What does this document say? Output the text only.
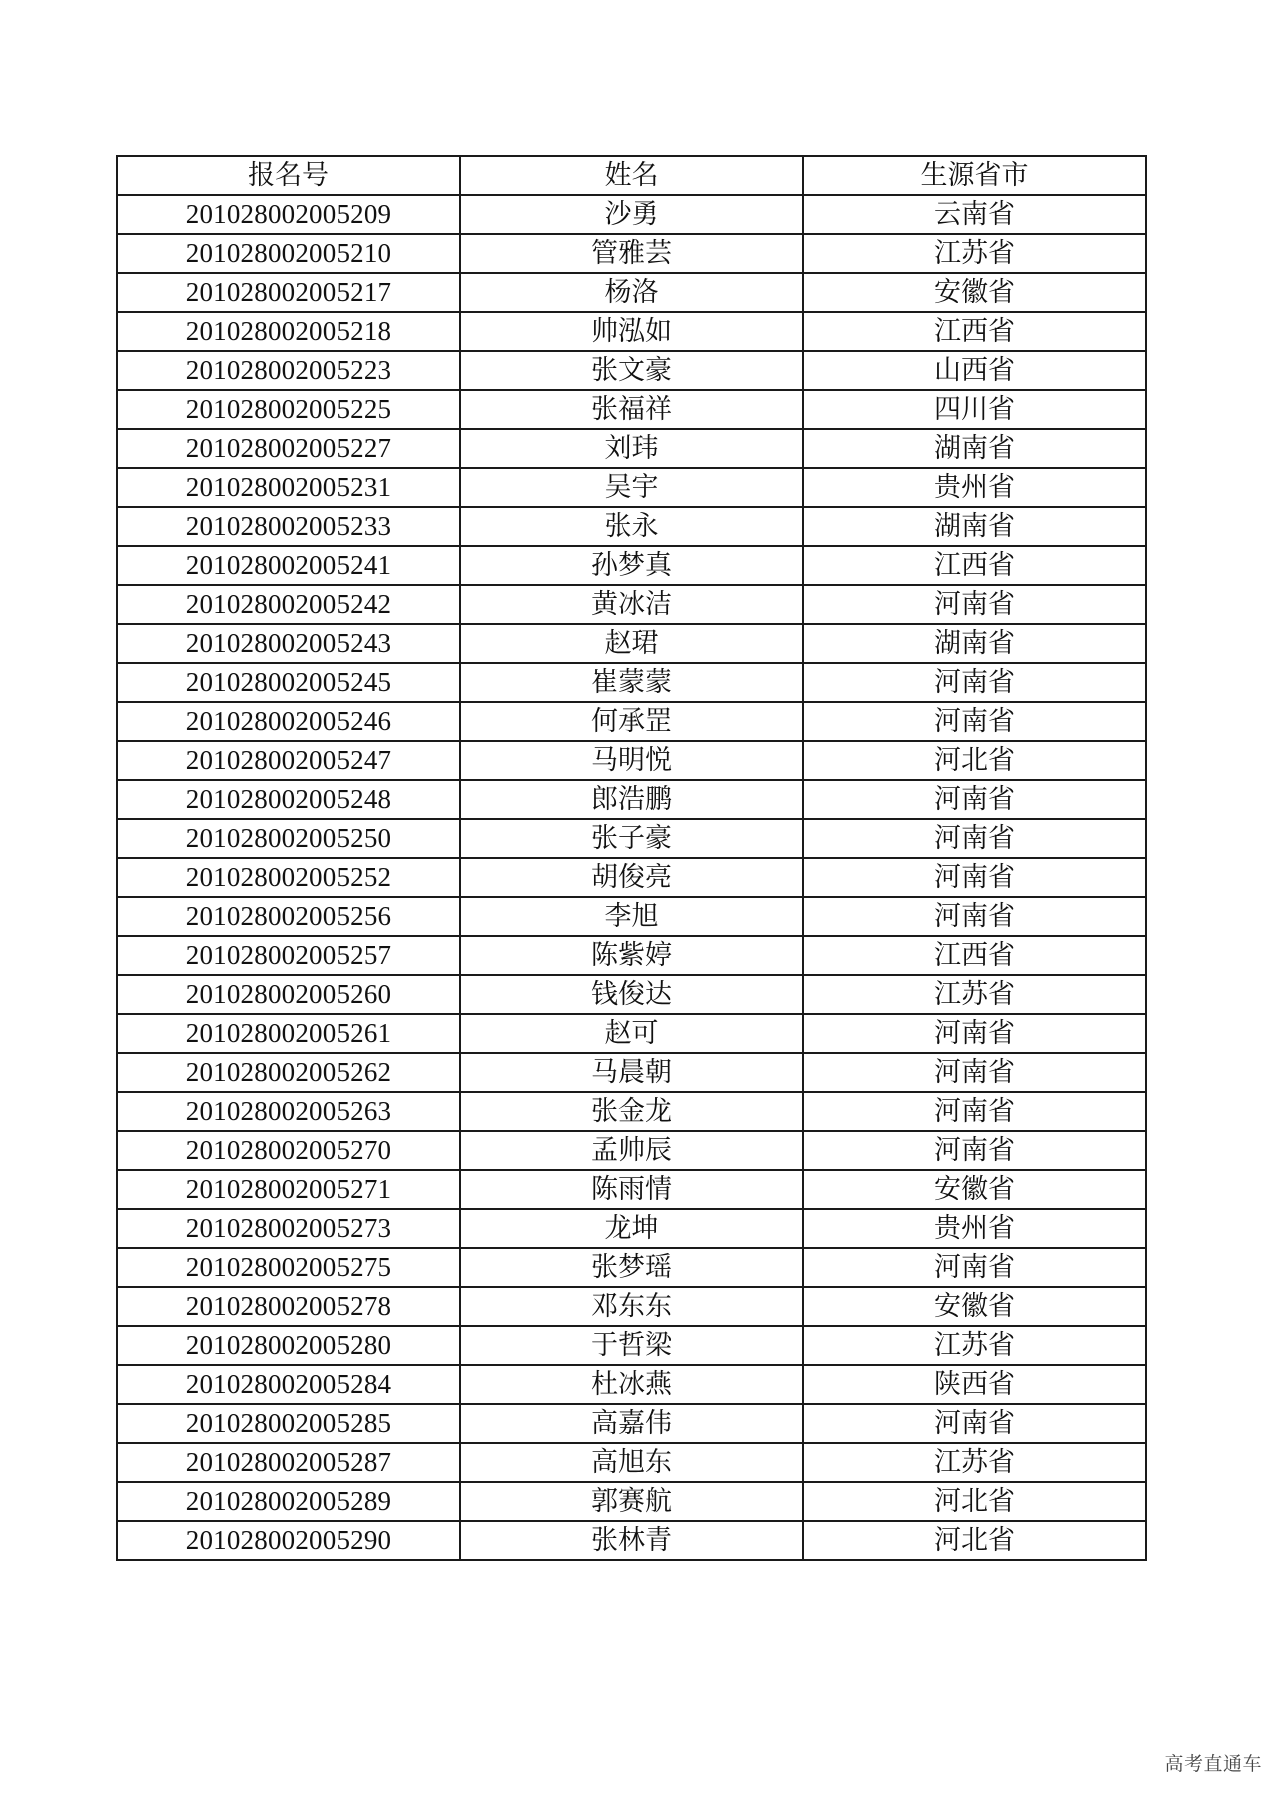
报名号	姓名	生源省市
201028002005209	沙勇	云南省
201028002005210	管雅芸	江苏省
201028002005217	杨洛	安徽省
201028002005218	帅泓如	江西省
201028002005223	张文豪	山西省
201028002005225	张福祥	四川省
201028002005227	刘玮	湖南省
201028002005231	吴宇	贵州省
201028002005233	张永	湖南省
201028002005241	孙梦真	江西省
201028002005242	黄冰洁	河南省
201028002005243	赵珺	湖南省
201028002005245	崔蒙蒙	河南省
201028002005246	何承罡	河南省
201028002005247	马明悦	河北省
201028002005248	郎浩鹏	河南省
201028002005250	张子豪	河南省
201028002005252	胡俊亮	河南省
201028002005256	李旭	河南省
201028002005257	陈紫婷	江西省
201028002005260	钱俊达	江苏省
201028002005261	赵可	河南省
201028002005262	马晨朝	河南省
201028002005263	张金龙	河南省
201028002005270	孟帅辰	河南省
201028002005271	陈雨情	安徽省
201028002005273	龙坤	贵州省
201028002005275	张梦瑶	河南省
201028002005278	邓东东	安徽省
201028002005280	于哲梁	江苏省
201028002005284	杜冰燕	陕西省
201028002005285	高嘉伟	河南省
201028002005287	高旭东	江苏省
201028002005289	郭赛航	河北省
201028002005290	张林青	河北省
高考直通车
